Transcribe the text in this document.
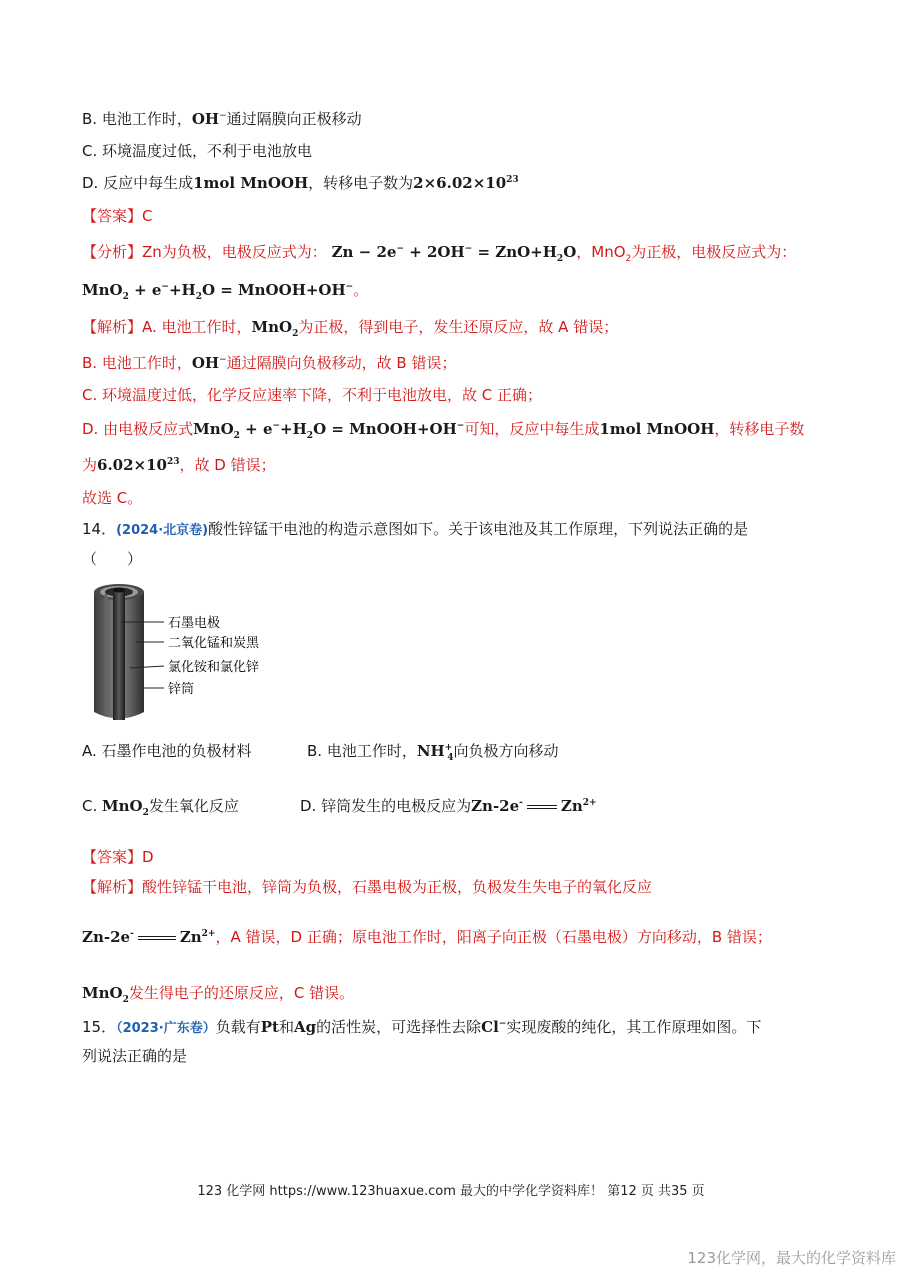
B. 电池工作时，OH−通过隔膜向正极移动
C. 环境温度过低，不利于电池放电
D. 反应中每生成1mol MnOOH，转移电子数为$2\times 6.02\times 10^{23}$
【答案】C
【分析】Zn为负极，电极反应式为： $Zn - 2e^- + 2OH^- = ZnO+H_2O$，MnO$_2$为正极，电极反应式为：
$MnO_2 + e^-+H_2O$ = MnOOH+OH−。
【解析】A. 电池工作时，MnO$_2$为正极，得到电子，发生还原反应，故 A 错误；
B. 电池工作时，OH−通过隔膜向负极移动，故 B 错误；
C. 环境温度过低，化学反应速率下降，不利于电池放电，故 C 正确；
D. 由电极反应式$MnO_2 + e^-+H_2O$ = MnOOH+OH−可知，反应中每生成1mol MnOOH，转移电子数
为$6.02\times 10^{23}$，故 D 错误；
故选 C。
14．(2024·北京卷)酸性锌锰干电池的构造示意图如下。关于该电池及其工作原理，下列说法正确的是
（　　）
石墨电极
二氧化锰和炭黑
氯化铵和氯化锌
锌筒
A. 石墨作电池的负极材料	B. 电池工作时，$NH^+_4$向负极方向移动
C. MnO$_2$发生氧化反应	D. 锌筒发生的电极反应为Zn-2e-	$Zn^{2+}$
【答案】D
【解析】酸性锌锰干电池，锌筒为负极，石墨电极为正极，负极发生失电子的氧化反应
Zn-2e-	$Zn^{2+}$，A 错误，D 正确；原电池工作时，阳离子向正极（石墨电极）方向移动，B 错误；
MnO$_2$发生得电子的还原反应，C 错误。
15．（2023·广东卷）负载有Pt和Ag的活性炭，可选择性去除Cl−实现废酸的纯化，其工作原理如图。下
列说法正确的是
123 化学网 https://www.123huaxue.com 最大的中学化学资料库！ 第12 页 共35 页
123化学网，最大的化学资料库
